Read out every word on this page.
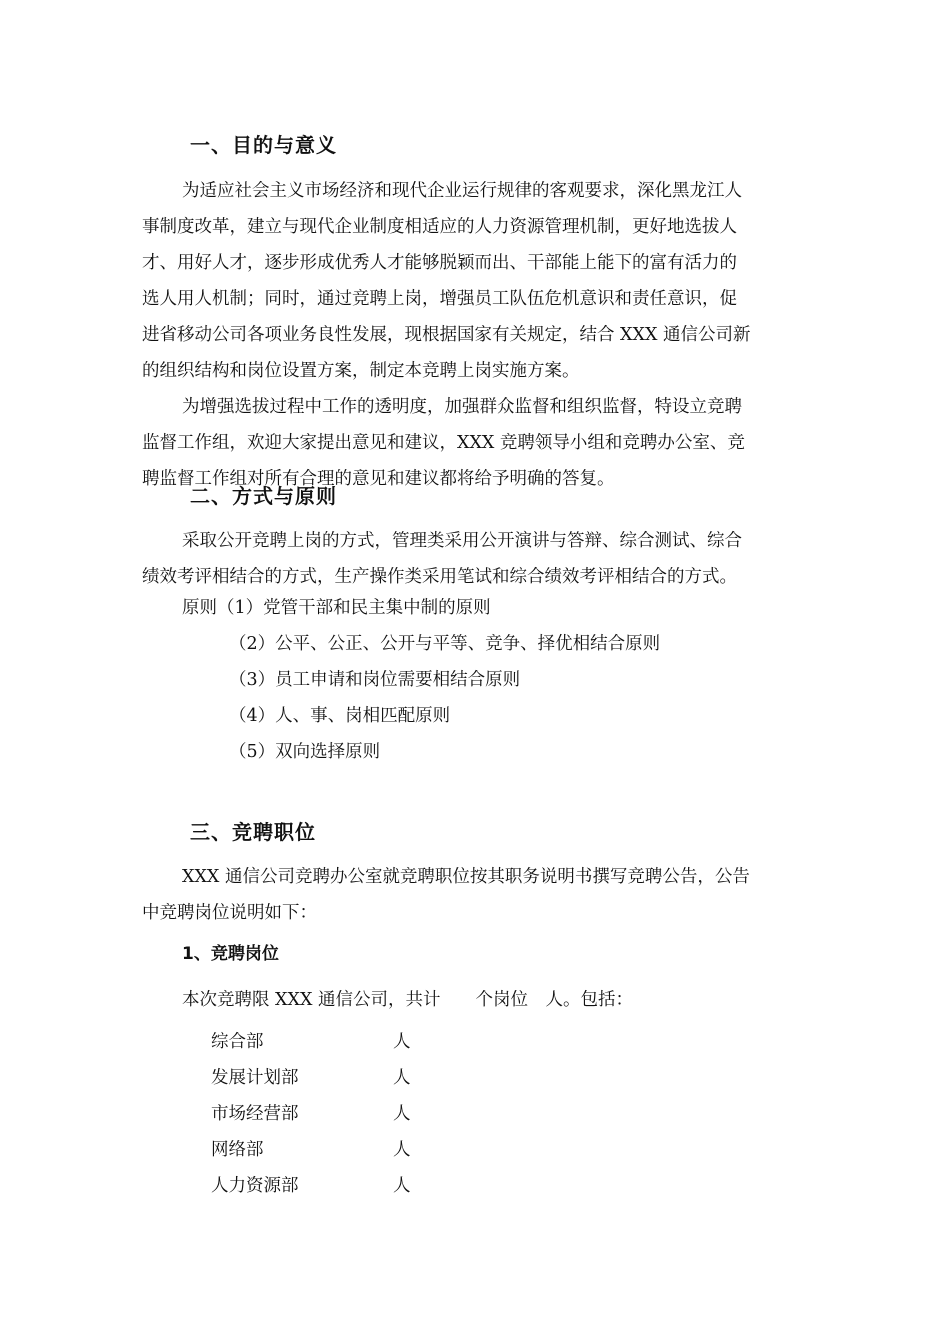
一、目的与意义
为适应社会主义市场经济和现代企业运行规律的客观要求，深化黑龙江人
事制度改革，建立与现代企业制度相适应的人力资源管理机制，更好地选拔人
才、用好人才，逐步形成优秀人才能够脱颖而出、干部能上能下的富有活力的
选人用人机制；同时，通过竞聘上岗，增强员工队伍危机意识和责任意识，促
进省移动公司各项业务良性发展，现根据国家有关规定，结合 XXX 通信公司新
的组织结构和岗位设置方案，制定本竞聘上岗实施方案。
为增强选拔过程中工作的透明度，加强群众监督和组织监督，特设立竞聘
监督工作组，欢迎大家提出意见和建议，XXX 竞聘领导小组和竞聘办公室、竞
聘监督工作组对所有合理的意见和建议都将给予明确的答复。
二、方式与原则
采取公开竞聘上岗的方式，管理类采用公开演讲与答辩、综合测试、综合
绩效考评相结合的方式，生产操作类采用笔试和综合绩效考评相结合的方式。
原则（1）党管干部和民主集中制的原则
（2）公平、公正、公开与平等、竞争、择优相结合原则
（3）员工申请和岗位需要相结合原则
（4）人、事、岗相匹配原则
（5）双向选择原则
三、竞聘职位
XXX 通信公司竞聘办公室就竞聘职位按其职务说明书撰写竞聘公告，公告
中竞聘岗位说明如下：
1、竞聘岗位
本次竞聘限 XXX 通信公司，共计　　个岗位　人。包括：
综合部	人
发展计划部	人
市场经营部	人
网络部	人
人力资源部	人
